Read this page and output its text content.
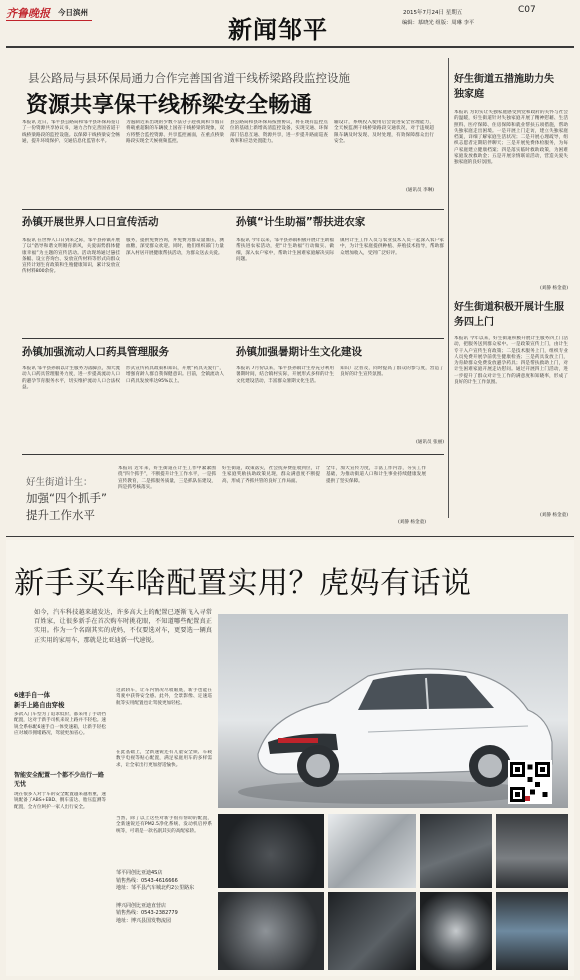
齐鲁晚报 今日滨州
新闻邹平
2015年7月24日 星期五	C07
编辑：慕晓光 组版：周琳 李平
县公路局与县环保局通力合作完善国省道干线桥梁路段监控设施
资源共享保干线桥梁安全畅通
本报讯 近日，邹平县公路局和邹平县环保局签订了一份资源共享协议书，通力合作完善国省道干线桥梁路段的监控设施。以保障干线桥梁安全畅通，提升环境保护、交通信息化监管水平。
为遏制近来出现的少数不法分子趁夜间和节假日将载重超限的车辆驶上国省干线桥梁的现象，双方将整合监控资源、共享监控画面，在重点桥梁路段实现全天候视频监控。
县公路局和县环保局按照协议，将在现有监控点位的基础上新增高清监控设备，实现交通、环保部门信息互通、资源共享，进一步提升路面巡查效率和应急处置能力。
输设计，系统投入使用后会促进安全管理能力，全天候监测干线桥梁路段交通状况，对于违规超限车辆及时发现、及时处理，有效保障群众出行安全。
(通讯员 李琳)
好生街道五措施助力失独家庭
本报讯 为切实让失独家庭感受到党和政府的关怀与社会的温暖，好生街道针对失独家庭开展了精神慰藉、生活照料、医疗保障、住房保障和就业帮扶五项措施，帮助失独家庭走出困境。一是开展上门走访，建立失独家庭档案，详细了解家庭生活状况；二是开展心理疏导，组织志愿者定期陪伴聊天；三是开展免费体检服务，为每户家庭建立健康档案；四是落实临时救助政策，为困难家庭发放救助金；五是开展亲情联谊活动，营造关爱失独家庭的良好氛围。
(刘静 杨金童)
好生街道积极开展计生服务四上门
本报讯 今年以来，好生街道积极开展计生服务四上门活动，把服务送到群众家中。一是政策宣传上门，由计生专干入户宣传生育政策；二是技术服务上门，组织专业人员免费开展孕前优生健康检查；三是药具发放上门，为育龄群众免费发放避孕药具；四是帮扶救助上门，对计生困难家庭开展走访慰问。通过开展四上门活动，进一步提升了群众对计生工作的满意度和知晓率，形成了良好的计生工作氛围。
(刘静 杨金童)
孙镇开展世界人口日宣传活动
本报讯 在世界人口日到来之际，邹平县孙镇开展了以“倡导和谐文明婚育新风，关爱弱势群体健康幸福”为主题的宣传活动。活动现场通过悬挂条幅、设立咨询台、发放宣传材料等形式向群众宣传计划生育政策和生殖健康知识，累计发放宣传材料800余份。
服务，提供免费咨询，并免费为群众量血压，测血糖，深受群众欢迎。同时，他们组织部门力量深入村居开展健康帮扶活动，为群众送去关爱。
孙镇“计生助福”帮扶进农家
本报讯 今年以来，邹平县孙镇积极开展计生助福帮扶进农家活动，把“计生助福”行动做实、做细，深入农户家中，帮助计生困难家庭解决实际问题。
镇村计生工作人员与农业技术人员一起深入农户家中，为计生家庭提供种植、养殖技术指导，帮助群众增加收入，受到广泛好评。
孙镇加强流动人口药具管理服务
本报讯 邹平县孙镇以计生服务为落脚点，加大流动人口药具管理服务力度，进一步提高流动人口的避孕节育服务水平，切实维护流动人口合法权益。
形式宣传药具政策和知识，开展“药具关爱行”，增强育龄人群自我保健意识。目前，全镇流动人口药具发放率达95%以上。
孙镇加强暑期计生文化建设
本报讯 7月份以来，邹平县孙镇计生办充分利用暑期时间，结合镇村实际，开展形式多样的计生文化建设活动，丰富群众暑期文化生活。
知识广泛普及，同时提高了群众的参与度，营造了良好的计生宣传氛围。
(通讯员 张丽)
好生街道计生：
加强“四个抓手”
提升工作水平
本报讯 近年来，好生街道在计生工作中紧紧围绕“四个抓手”，不断提升计生工作水平，一是抓宣传教育，二是抓服务质量，三是抓队伍建设，四是抓考核落实。
好生街道，政策落实，社会抚养费征收到位，计生家庭奖励扶助政策兑现，群众满意度不断提高，形成了齐抓共管的良好工作局面。
全年，加大宣传力度，丰富工作内容，夯实工作基础，为推动街道人口和计生事业持续健康发展提供了坚实保障。
(刘静 杨金童)
新手买车啥配置实用？虎妈有话说
如今，汽车科技越来越发达，许多高大上的配置已逐渐飞入寻常百姓家，让很多新手在首次购车时挑花眼，不知道哪些配置真正实用。作为一个名副其实的虎妈，不仅要选对车，更要选一辆真正实用的家用车，那就是比亚迪新一代速锐。
6速手自一体
新手上路自由穿梭
多款入门车型为了追求低价，都采用了手动挡配置，这对于新手司机来说上路并不轻松。速锐全系标配6速手自一体变速箱，让新手轻松应对城市拥堵路况，驾驶更加省心。
智能安全配置一个都不少出行一路无忧
现在很多人对于车的安全配置越来越看重，速锐配备了ABS+EBD、倒车雷达、胎压监测等配置，全方位呵护一家人出行安全。
这款轿车，让车内情况尽收眼底，新手也能在驾驶中获得安全感。此外，全景影像、定速巡航等实用配置也让驾驶更加轻松。
在此基础上，全新速锐还有儿童安全锁、车载数字电视等贴心配置，满足家庭用车的多样需求，让全家出行更加舒适愉快。
当然，除了以上这些对新手很有帮助的配置，全新速锐还有PM2.5净化系统、发动机启停系统等，可谓是一款名副其实的高配家轿。
邹平同创比亚迪4S店
销售热线：0543-4616666
地址：邹平县汽车城北约2公里路东
博兴同创比亚迪直营店
销售热线：0543-2382779
地址：博兴县国发物流园
